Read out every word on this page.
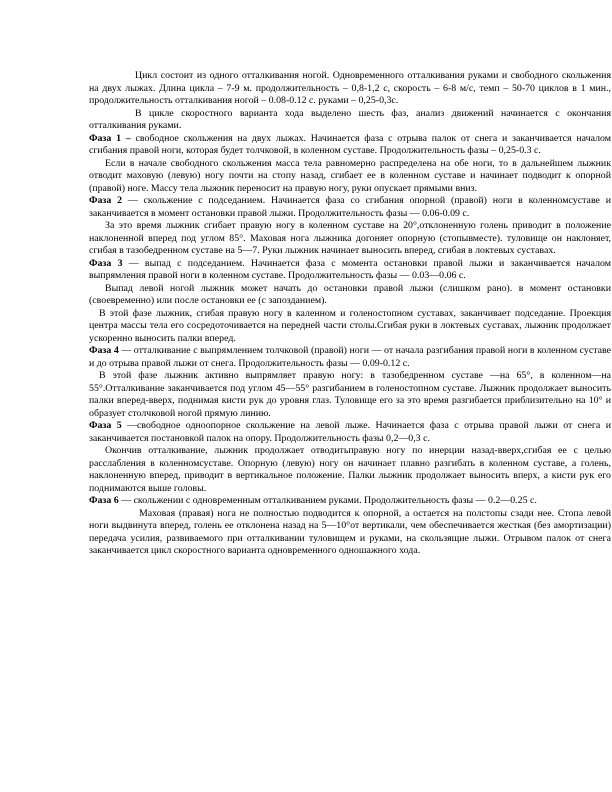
Цикл состоит из одного отталкивания ногой. Одновременного отталкивания руками и свободного скольжения на двух лыжах. Длина цикла – 7-9 м. продолжительность – 0,8-1,2 с, скорость – 6-8 м/с, темп – 50-70 циклов в 1 мин., продолжительность отталкивания ногой – 0.08-0.12 с. руками – 0,25-0,3с.

В цикле скоростного варианта хода выделено шесть фаз, анализ движений начинается с окончания отталкивания руками.

Фаза 1 – свободное скольжения на двух лыжах. Начинается фаза с отрыва палок от снега и заканчивается началом сгибания правой ноги, которая будет толчковой, в коленном суставе. Продолжительность фазы – 0,25-0.3 с.

Если в начале свободного скольжения масса тела равномерно распределена на обе ноги, то в дальнейшем лыжник отводит маховую (левую) ногу почти на стопу назад, сгибает ее в коленном суставе и начинает подводит к опорной (правой) ноге. Массу тела лыжник переносит на правую ногу, руки опускает прямыми вниз.

Фаза 2 — скольжение с подседанием. Начинается фаза со сгибания опорной (правой) ноги в коленномсуставе и заканчивается в момент остановки правой лыжи. Продолжительность фазы — 0.06-0.09 с.

За это время лыжник сгибает правую ногу в коленном суставе на 20°,отклоненную голень приводит в положение наклоненной вперед под углом 85°. Маховая нога лыжника догоняет опорную (стопывместе). туловище он наклоняет, сгибая в тазобедренном суставе на 5—7. Руки лыжник начинает выносить вперед, сгибая в локтевых суставах.

Фаза 3 — выпад с подседанием. Начинается фаза с момента остановки правой лыжи и заканчивается началом выпрямления правой ноги в коленном суставе. Продолжительность фазы — 0.03—0.06 с.

Выпад левой ногой лыжник может начать до остановки правой лыжи (слишком рано). в момент остановки (своевременно) или после остановки ее (с запозданием).

В этой фазе лыжник, сгибая правую ногу в каленном и голеностопном суставах, заканчивает подседание. Проекция центра массы тела его сосредоточивается на передней части столы.Сгибая руки в локтевых суставах, лыжник продолжает ускоренно выносить палки вперед.

Фаза 4 — отталкивание с выпрямлением толчковой (правой) ноги — от начала разгибания правой ноги в коленном суставе и до отрыва правой лыжи от снега. Продолжительность фазы — 0.09-0.12 с.

В этой фазе лыжник активно выпрямляет правую ногу: в тазобедренном суставе —на 65°, в коленном—на 55°.Отталкивание заканчивается под углом 45—55° разгибанием в голеностопном суставе. Лыжник продолжает выносить палки вперед-вверх, поднимая кисти рук до уровня глаз. Туловище его за это время разгибается приблизительно на 10° и образует столчковой ногой прямую линию.

Фаза 5 —свободное одноопорное скольжение на левой лыже. Начинается фаза с отрыва правой лыжи от снега и заканчивается постановкой палок на опору. Продолжительность фазы 0,2—0,3 с.

Окончив отталкивание, лыжник продолжает отводитьправую ногу по инерции назад-вверх,сгибая ее с целью расслабления в коленномсуставе. Опорную (левую) ногу он начинает плавно разгибать в коленном суставе, а голень, наклоненную вперед, приводит в вертикальное положение. Палки лыжник продолжает выносить вперх, а кисти рук его поднимаются выше головы.

Фаза 6 — скольжении с одновременным отталкиванием руками. Продолжительность фазы — 0.2—0.25 с.

Маховая (правая) нога не полностью подводится к опорной, а остается на полстопы сзади нее. Стопа левой ноги выдвинута вперед, голень ее отклонена назад на 5—10°от вертикали, чем обеспечивается жесткая (без амортизации) передача усилия, развиваемого при отталкивании туловищем и руками, на скользящие лыжи. Отрывом палок от снега заканчивается цикл скоростного варианта одновременного одношажного хода.
